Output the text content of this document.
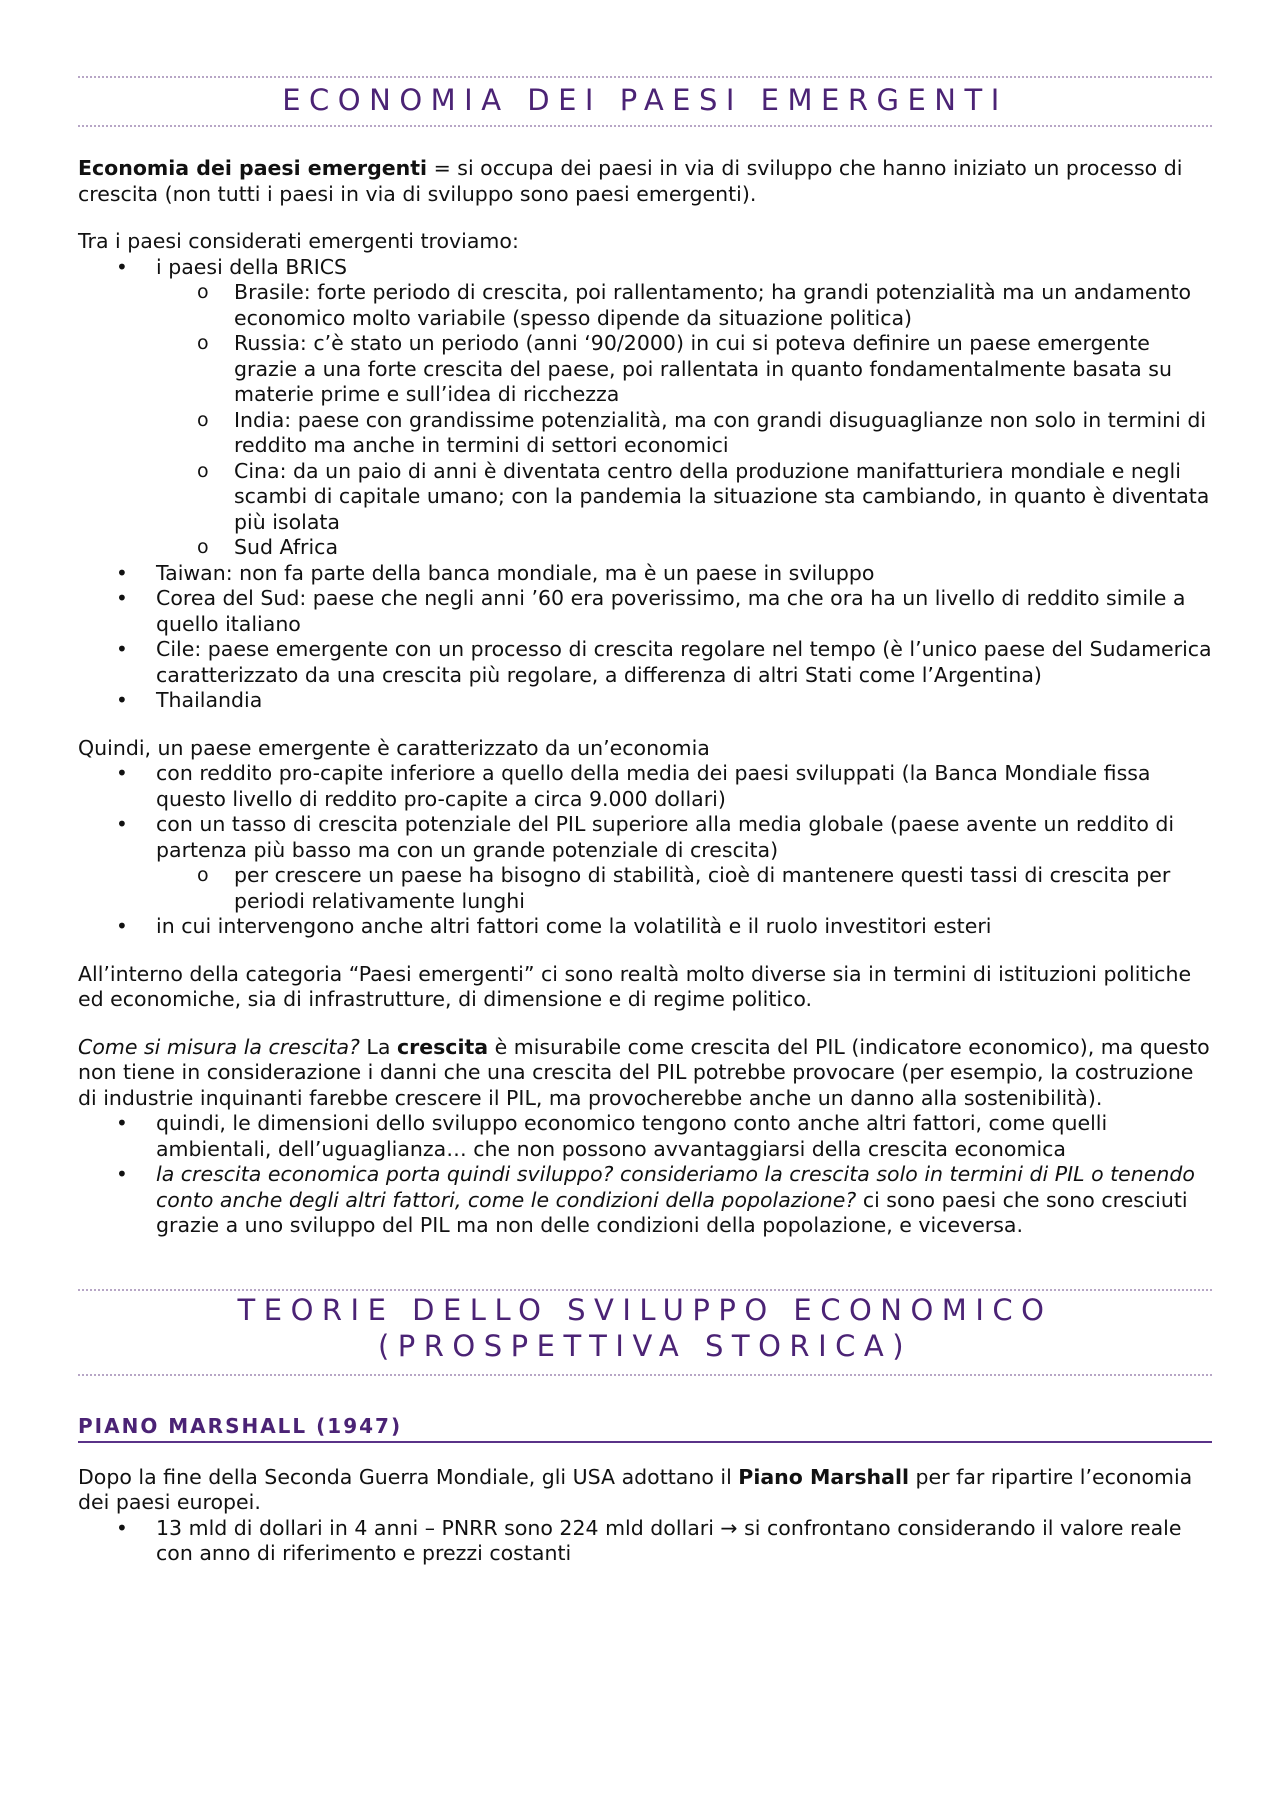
ECONOMIA DEI PAESI EMERGENTI

Economia dei paesi emergenti = si occupa dei paesi in via di sviluppo che hanno iniziato un processo di crescita (non tutti i paesi in via di sviluppo sono paesi emergenti).

Tra i paesi considerati emergenti troviamo:

• i paesi della BRICS
o Brasile: forte periodo di crescita, poi rallentamento; ha grandi potenzialità ma un andamento economico molto variabile (spesso dipende da situazione politica)
o Russia: c’è stato un periodo (anni ‘90/2000) in cui si poteva definire un paese emergente grazie a una forte crescita del paese, poi rallentata in quanto fondamentalmente basata su materie prime e sull’idea di ricchezza
o India: paese con grandissime potenzialità, ma con grandi disuguaglianze non solo in termini di reddito ma anche in termini di settori economici
o Cina: da un paio di anni è diventata centro della produzione manifatturiera mondiale e negli scambi di capitale umano; con la pandemia la situazione sta cambiando, in quanto è diventata più isolata
o Sud Africa
• Taiwan: non fa parte della banca mondiale, ma è un paese in sviluppo
• Corea del Sud: paese che negli anni ’60 era poverissimo, ma che ora ha un livello di reddito simile a quello italiano
• Cile: paese emergente con un processo di crescita regolare nel tempo (è l’unico paese del Sudamerica caratterizzato da una crescita più regolare, a differenza di altri Stati come l’Argentina)
• Thailandia

Quindi, un paese emergente è caratterizzato da un’economia

• con reddito pro-capite inferiore a quello della media dei paesi sviluppati (la Banca Mondiale fissa questo livello di reddito pro-capite a circa 9.000 dollari)
• con un tasso di crescita potenziale del PIL superiore alla media globale (paese avente un reddito di partenza più basso ma con un grande potenziale di crescita)
o per crescere un paese ha bisogno di stabilità, cioè di mantenere questi tassi di crescita per periodi relativamente lunghi
• in cui intervengono anche altri fattori come la volatilità e il ruolo investitori esteri

All’interno della categoria “Paesi emergenti” ci sono realtà molto diverse sia in termini di istituzioni politiche ed economiche, sia di infrastrutture, di dimensione e di regime politico.

Come si misura la crescita? La crescita è misurabile come crescita del PIL (indicatore economico), ma questo non tiene in considerazione i danni che una crescita del PIL potrebbe provocare (per esempio, la costruzione di industrie inquinanti farebbe crescere il PIL, ma provocherebbe anche un danno alla sostenibilità).

• quindi, le dimensioni dello sviluppo economico tengono conto anche altri fattori, come quelli ambientali, dell’uguaglianza… che non possono avvantaggiarsi della crescita economica
• la crescita economica porta quindi sviluppo? consideriamo la crescita solo in termini di PIL o tenendo conto anche degli altri fattori, come le condizioni della popolazione? ci sono paesi che sono cresciuti grazie a uno sviluppo del PIL ma non delle condizioni della popolazione, e viceversa.
TEORIE DELLO SVILUPPO ECONOMICO (PROSPETTIVA STORICA)
PIANO MARSHALL (1947)

Dopo la fine della Seconda Guerra Mondiale, gli USA adottano il Piano Marshall per far ripartire l’economia dei paesi europei.

• 13 mld di dollari in 4 anni – PNRR sono 224 mld dollari → si confrontano considerando il valore reale con anno di riferimento e prezzi costanti
